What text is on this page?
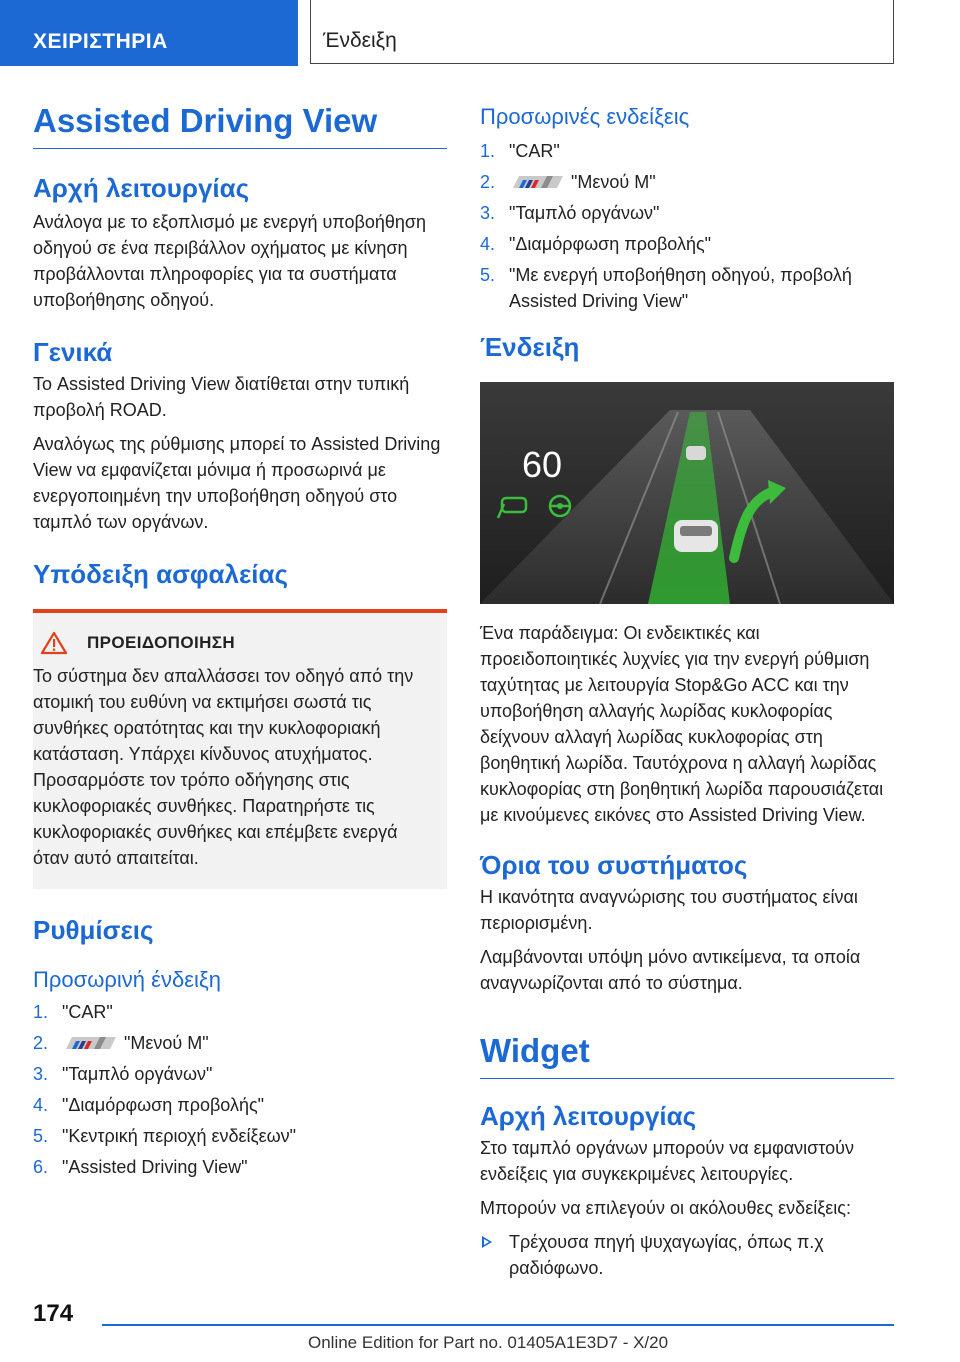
ΧΕΙΡΙΣΤΗΡΙΑ	Ένδειξη
Assisted Driving View
Αρχή λειτουργίας

Ανάλογα με το εξοπλισμό με ενεργή υποβοήθηση οδηγού σε ένα περιβάλλον οχήματος με κίνηση προβάλλονται πληροφορίες για τα συστήματα υποβοήθησης οδηγού.

Γενικά

Το Assisted Driving View διατίθεται στην τυπική προβολή ROAD.

Αναλόγως της ρύθμισης μπορεί το Assisted Driving View να εμφανίζεται μόνιμα ή προσωρινά με ενεργοποιημένη την υποβοήθηση οδηγού στο ταμπλό των οργάνων.

Υπόδειξη ασφαλείας
ΠΡΟΕΙΔΟΠΟΙΗΣΗ

Το σύστημα δεν απαλλάσσει τον οδηγό από την ατομική του ευθύνη να εκτιμήσει σωστά τις συνθήκες ορατότητας και την κυκλοφοριακή κατάσταση. Υπάρχει κίνδυνος ατυχήματος. Προσαρμόστε τον τρόπο οδήγησης στις κυκλοφοριακές συνθήκες. Παρατηρήστε τις κυκλοφοριακές συνθήκες και επέμβετε ενεργά όταν αυτό απαιτείται.

Ρυθμίσεις
Προσωρινή ένδειξη
1. "CAR"
2.	"Μενού M"
3. "Ταμπλό οργάνων"
4. "Διαμόρφωση προβολής"
5. "Κεντρική περιοχή ενδείξεων"
6. "Assisted Driving View"
Προσωρινές ενδείξεις
1. "CAR"
2.	"Μενού M"
3. "Ταμπλό οργάνων"
4. "Διαμόρφωση προβολής"
5. "Με ενεργή υποβοήθηση οδηγού, προβολή Assisted Driving View"
Ένδειξη
60

Ένα παράδειγμα: Οι ενδεικτικές και προειδοποιητικές λυχνίες για την ενεργή ρύθμιση ταχύτητας με λειτουργία Stop&Go ACC και την υποβοήθηση αλλαγής λωρίδας κυκλοφορίας δείχνουν αλλαγή λωρίδας κυκλοφορίας στη βοηθητική λωρίδα. Ταυτόχρονα η αλλαγή λωρίδας κυκλοφορίας στη βοηθητική λωρίδα παρουσιάζεται με κινούμενες εικόνες στο Assisted Driving View.

Όρια του συστήματος

Η ικανότητα αναγνώρισης του συστήματος είναι περιορισμένη.

Λαμβάνονται υπόψη μόνο αντικείμενα, τα οποία αναγνωρίζονται από το σύστημα.

Widget
Αρχή λειτουργίας

Στο ταμπλό οργάνων μπορούν να εμφανιστούν ενδείξεις για συγκεκριμένες λειτουργίες.

Μπορούν να επιλεγούν οι ακόλουθες ενδείξεις:

Τρέχουσα πηγή ψυχαγωγίας, όπως π.χ ραδιόφωνο.
174
Online Edition for Part no. 01405A1E3D7 - X/20
